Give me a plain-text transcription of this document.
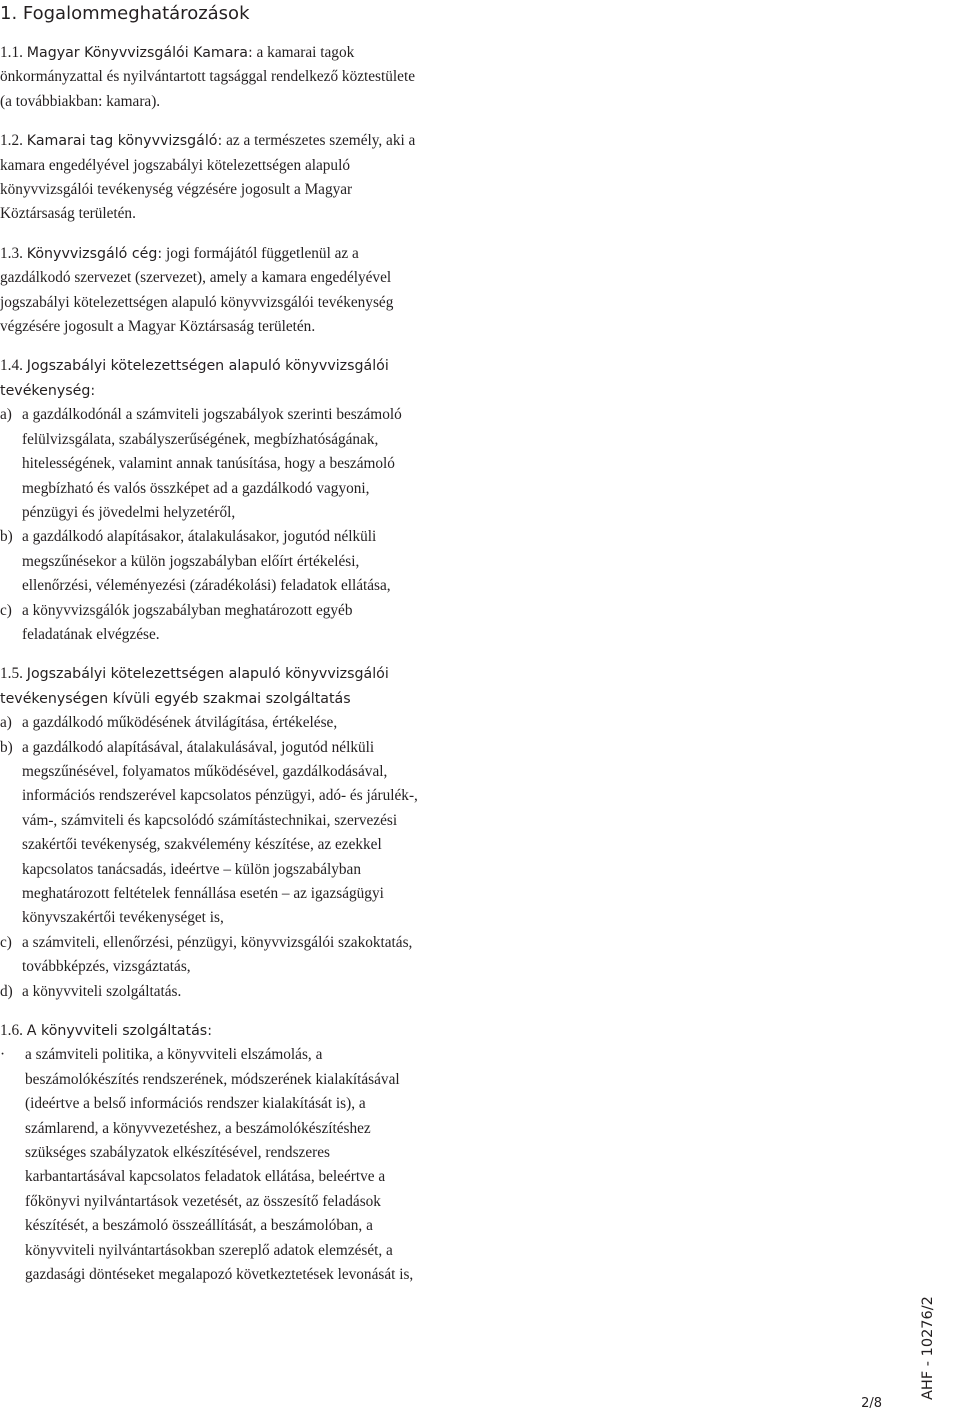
1. Fogalommeghatározások

1.1. Magyar Könyvvizsgálói Kamara: a kamarai tagok önkormányzattal és nyilvántartott tagsággal rendelkező köztestülete (a továbbiakban: kamara).

1.2. Kamarai tag könyvvizsgáló: az a természetes személy, aki a kamara engedélyével jogszabályi kötelezettségen alapuló könyvvizsgálói tevékenység végzésére jogosult a Magyar Köztársaság területén.

1.3. Könyvvizsgáló cég: jogi formájától függetlenül az a gazdálkodó szervezet (szervezet), amely a kamara engedélyével jogszabályi kötelezettségen alapuló könyvvizsgálói tevékenység végzésére jogosult a Magyar Köztársaság területén.

1.4. Jogszabályi kötelezettségen alapuló könyvvizsgálói tevékenység:

a) a gazdálkodónál a számviteli jogszabályok szerinti beszámoló felülvizsgálata, szabályszerűségének, megbízhatóságának, hitelességének, valamint annak tanúsítása, hogy a beszámoló megbízható és valós összképet ad a gazdálkodó vagyoni, pénzügyi és jövedelmi helyzetéről,
b) a gazdálkodó alapításakor, átalakulásakor, jogutód nélküli megszűnésekor a külön jogszabályban előírt értékelési, ellenőrzési, véleményezési (záradékolási) feladatok ellátása,
c) a könyvvizsgálók jogszabályban meghatározott egyéb feladatának elvégzése.

1.5. Jogszabályi kötelezettségen alapuló könyvvizsgálói tevékenységen kívüli egyéb szakmai szolgáltatás

a) a gazdálkodó működésének átvilágítása, értékelése,
b) a gazdálkodó alapításával, átalakulásával, jogutód nélküli megszűnésével, folyamatos működésével, gazdálkodásával, információs rendszerével kapcsolatos pénzügyi, adó- és járulék-, vám-, számviteli és kapcsolódó számítástechnikai, szervezési szakértői tevékenység, szakvélemény készítése, az ezekkel kapcsolatos tanácsadás, ideértve – külön jogszabályban meghatározott feltételek fennállása esetén – az igazságügyi könyvszakértői tevékenységet is,
c) a számviteli, ellenőrzési, pénzügyi, könyvvizsgálói szakoktatás, továbbképzés, vizsgáztatás,
d) a könyvviteli szolgáltatás.

1.6. A könyvviteli szolgáltatás:

·	a számviteli politika, a könyvviteli elszámolás, a beszámolókészítés rendszerének, módszerének kialakításával (ideértve a belső információs rendszer kialakítását is), a számlarend, a könyvvezetéshez, a beszámolókészítéshez szükséges szabályzatok elkészítésével, rendszeres karbantartásával kapcsolatos feladatok ellátása, beleértve a főkönyvi nyilvántartások vezetését, az összesítő feladások készítését, a beszámoló összeállítását, a beszámolóban, a könyvviteli nyilvántartásokban szereplő adatok elemzését, a gazdasági döntéseket megalapozó következtetések levonását is,

AHF - 10276/2
2/8
